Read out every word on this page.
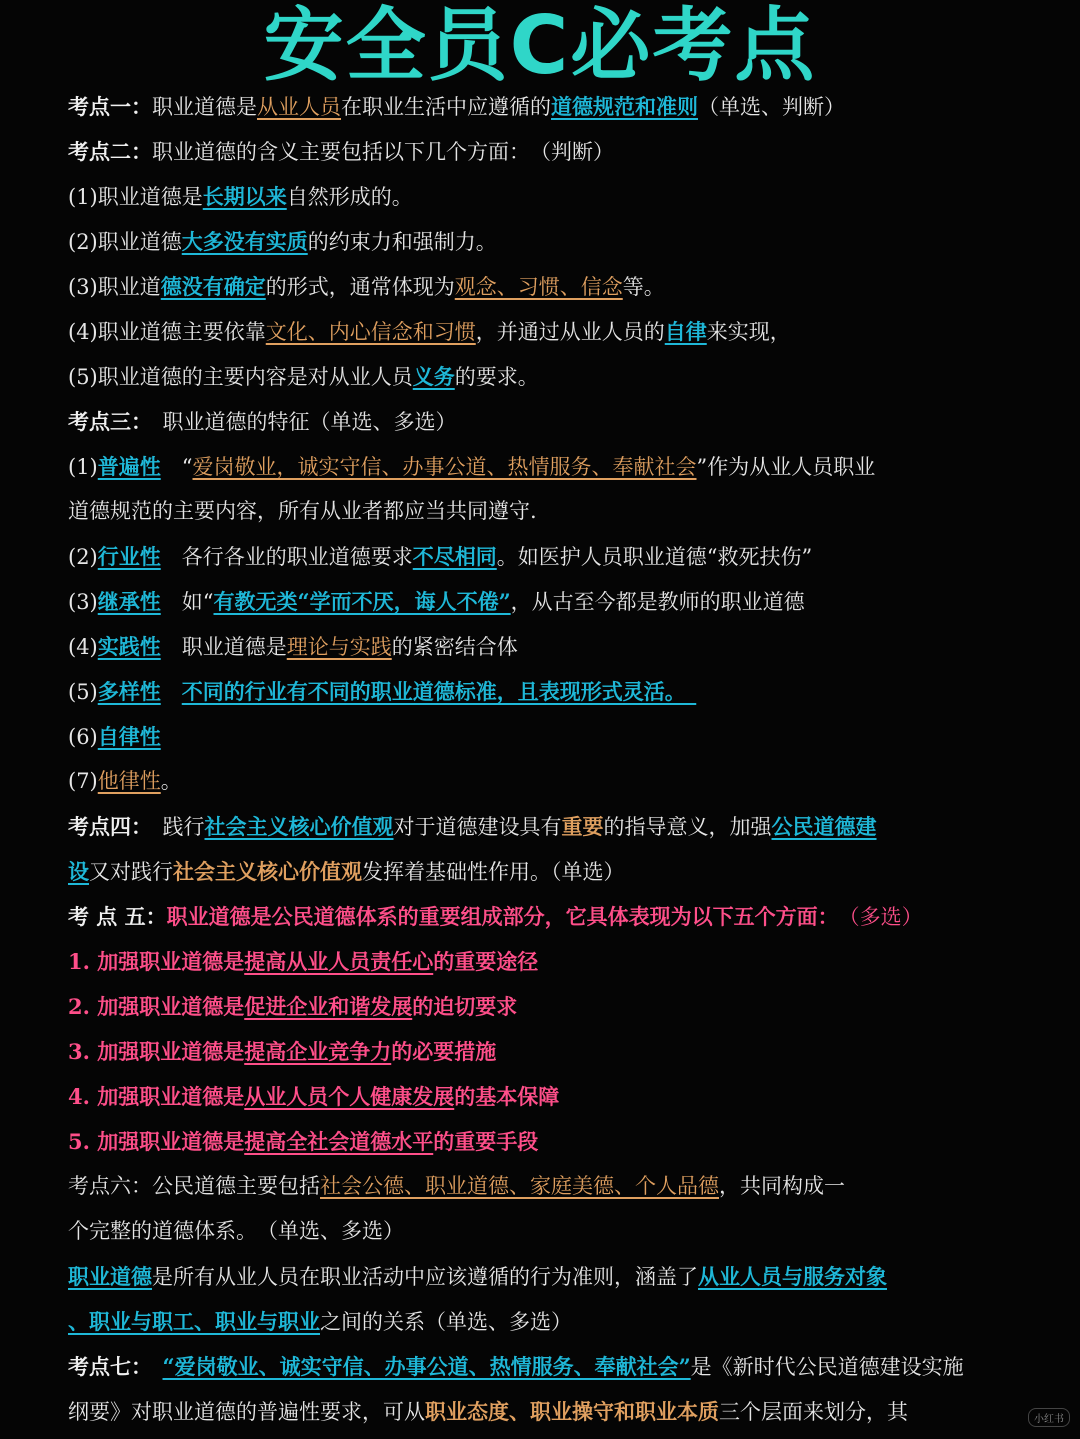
安全员C必考点
考点一：职业道德是从业人员在职业生活中应遵循的道德规范和准则（单选、判断）
考点二：职业道德的含义主要包括以下几个方面：　（判断）
(1)职业道德是长期以来自然形成的。
(2)职业道德大多没有实质的约束力和强制力。
(3)职业道德没有确定的形式，通常体现为观念、习惯、信念等。
(4)职业道德主要依靠文化、内心信念和习惯，并通过从业人员的自律来实现，
(5)职业道德的主要内容是对从业人员义务的要求。
考点三：　职业道德的特征（单选、多选）
(1)普遍性　“爱岗敬业，诚实守信、办事公道、热情服务、奉献社会”作为从业人员职业
道德规范的主要内容，所有从业者都应当共同遵守.
(2)行业性　各行各业的职业道德要求不尽相同。如医护人员职业道德“救死扶伤”
(3)继承性　如“有教无类“学而不厌，诲人不倦”，从古至今都是教师的职业道德
(4)实践性　职业道德是理论与实践的紧密结合体
(5)多样性　 不同的行业有不同的职业道德标准，且表现形式灵活。　
(6)自律性
(7)他律性。
考点四：　践行社会主义核心价值观对于道德建设具有重要的指导意义，加强公民道德建
设又对践行社会主义核心价值观发挥着基础性作用。（单选）
考 点 五：职业道德是公民道德体系的重要组成部分，它具体表现为以下五个方面：　（多选）
1. 加强职业道德是提高从业人员责任心的重要途径
2. 加强职业道德是促进企业和谐发展的迫切要求
3. 加强职业道德是提高企业竞争力的必要措施
4. 加强职业道德是从业人员个人健康发展的基本保障
5. 加强职业道德是提高全社会道德水平的重要手段
考点六：公民道德主要包括社会公德、职业道德、家庭美德、个人品德，共同构成一
个完整的道德体系。　（单选、多选）
职业道德是所有从业人员在职业活动中应该遵循的行为准则，涵盖了从业人员与服务对象
、职业与职工、职业与职业之间的关系（单选、多选）
考点七：　 “爱岗敬业、诚实守信、办事公道、热情服务、奉献社会”是《新时代公民道德建设实施
纲要》对职业道德的普遍性要求，可从职业态度、职业操守和职业本质三个层面来划分，其	小红书
